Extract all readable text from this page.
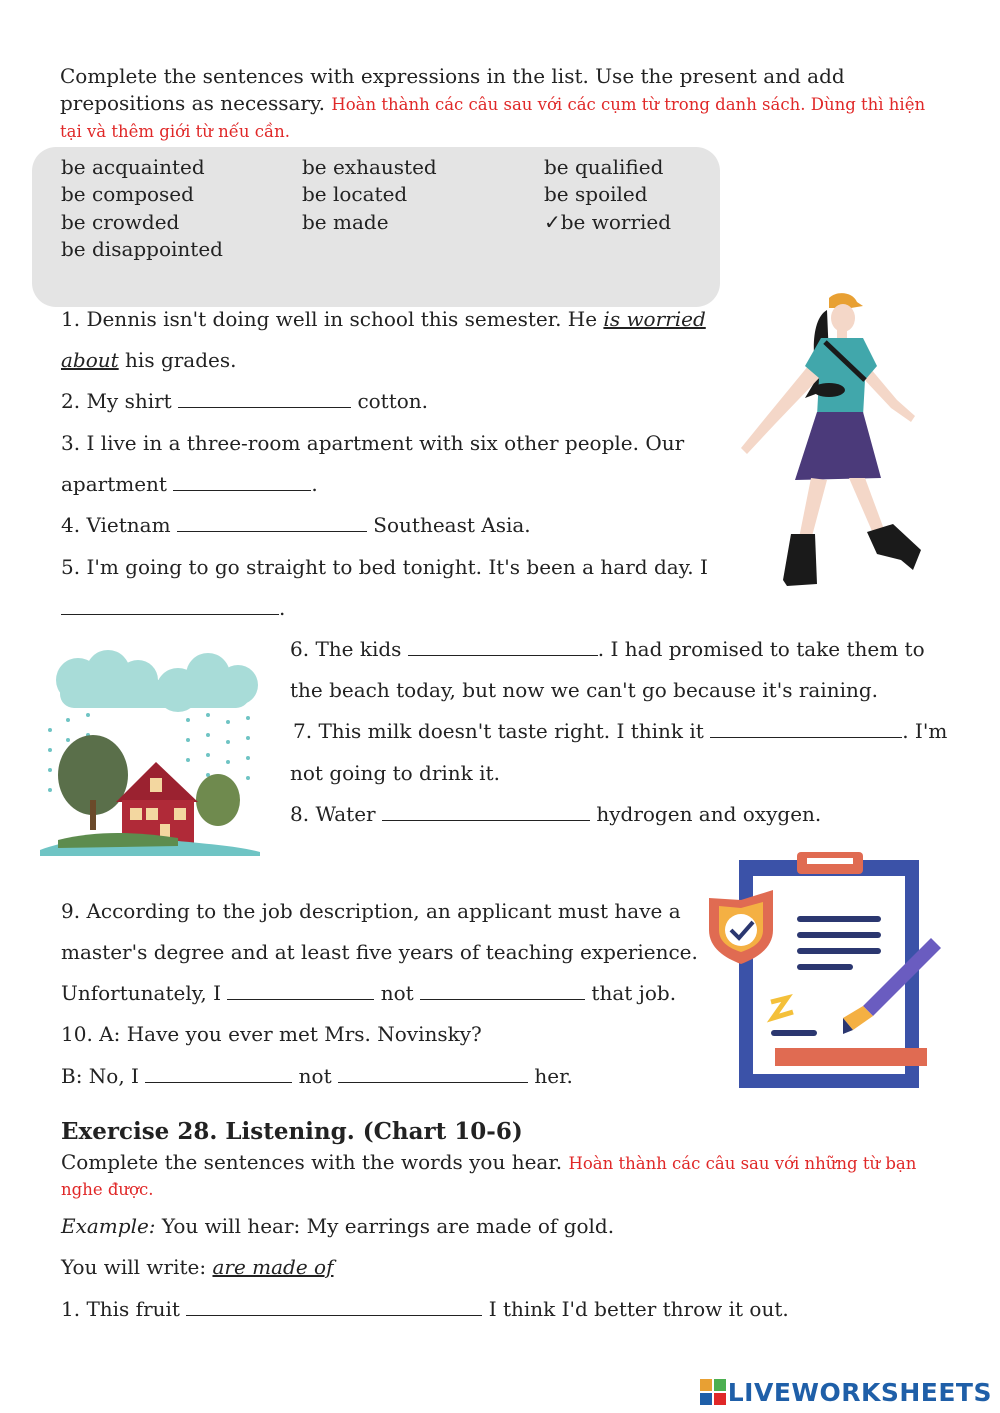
Complete the sentences with expressions in the list. Use the present and add prepositions as necessary. Hoàn thành các câu sau với các cụm từ trong danh sách. Dùng thì hiện tại và thêm giới từ nếu cần.
be acquainted	be exhausted	be qualified
be composed	be located	be spoiled
be crowded	be made	✓be worried
be disappointed
1. Dennis isn't doing well in school this semester. He is worried
about his grades.
2. My shirt	cotton.
3. I live in a three-room apartment with six other people. Our
apartment	.
4. Vietnam	Southeast Asia.
5. I'm going to go straight to bed tonight. It's been a hard day. I
.
6. The kids	. I had promised to take them to
the beach today, but now we can't go because it's raining.
7. This milk doesn't taste right. I think it	. I'm
not going to drink it.
8. Water	hydrogen and oxygen.
9. According to the job description, an applicant must have a
master's degree and at least five years of teaching experience.
Unfortunately, I	not	that job.
10. A: Have you ever met Mrs. Novinsky?
B: No, I	not	her.
Exercise 28. Listening. (Chart 10-6)
Complete the sentences with the words you hear. Hoàn thành các câu sau với những từ bạn nghe được.
Example: You will hear: My earrings are made of gold.
You will write: are made of
1. This fruit	I think I'd better throw it out.
LIVEWORKSHEETS
